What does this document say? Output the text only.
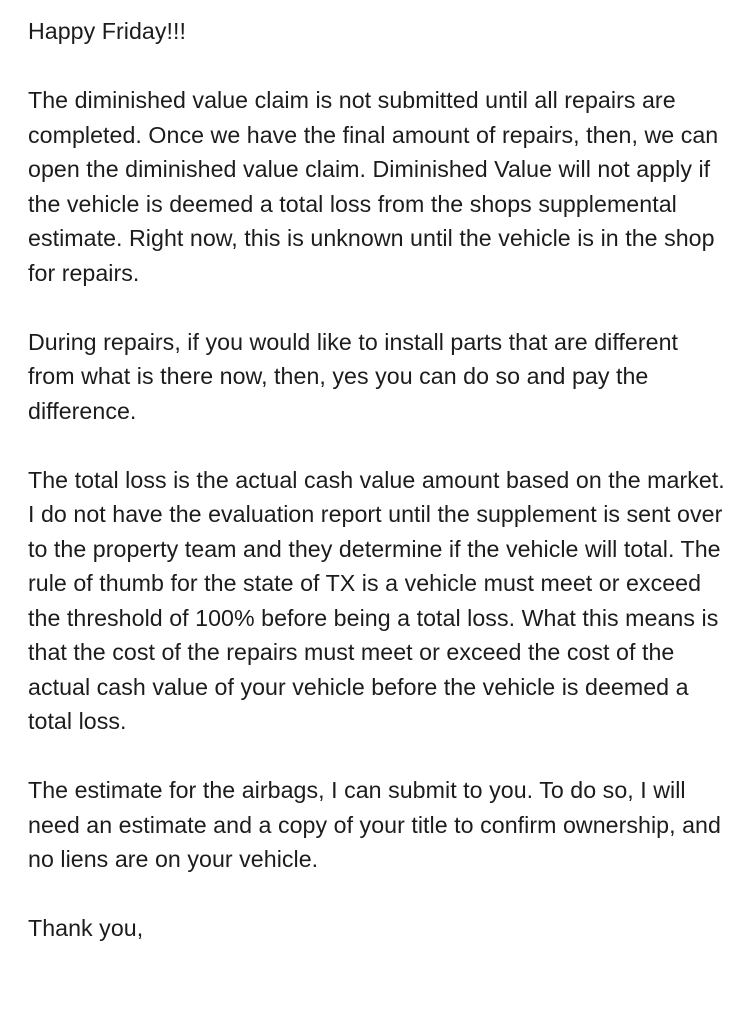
Happy Friday!!!

The diminished value claim is not submitted until all repairs are completed. Once we have the final amount of repairs, then, we can open the diminished value claim. Diminished Value will not apply if the vehicle is deemed a total loss from the shops supplemental estimate. Right now, this is unknown until the vehicle is in the shop for repairs.

During repairs, if you would like to install parts that are different from what is there now, then, yes you can do so and pay the difference.

The total loss is the actual cash value amount based on the market. I do not have the evaluation report until the supplement is sent over to the property team and they determine if the vehicle will total. The rule of thumb for the state of TX is a vehicle must meet or exceed the threshold of 100% before being a total loss. What this means is that the cost of the repairs must meet or exceed the cost of the actual cash value of your vehicle before the vehicle is deemed a total loss.

The estimate for the airbags, I can submit to you. To do so, I will need an estimate and a copy of your title to confirm ownership, and no liens are on your vehicle.

Thank you,
